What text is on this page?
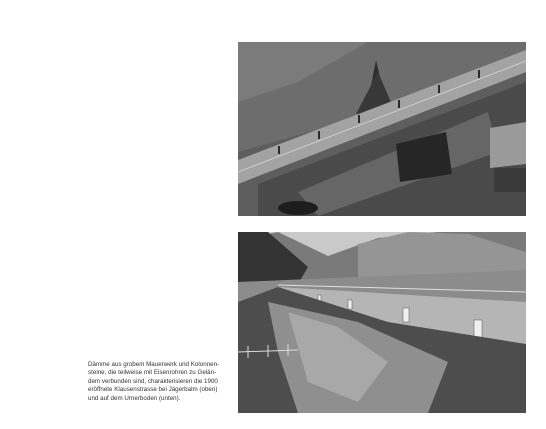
Dämme aus grobem Mauerwerk und Kolonnen-
steine, die teilweise mit Eisenrohren zu Gelän-
dem verbunden sind, charakterisieren die 1900
eröffnete Klausenstrasse bei Jägerbalm (oben)
und auf dem Urnerboden (unten).
